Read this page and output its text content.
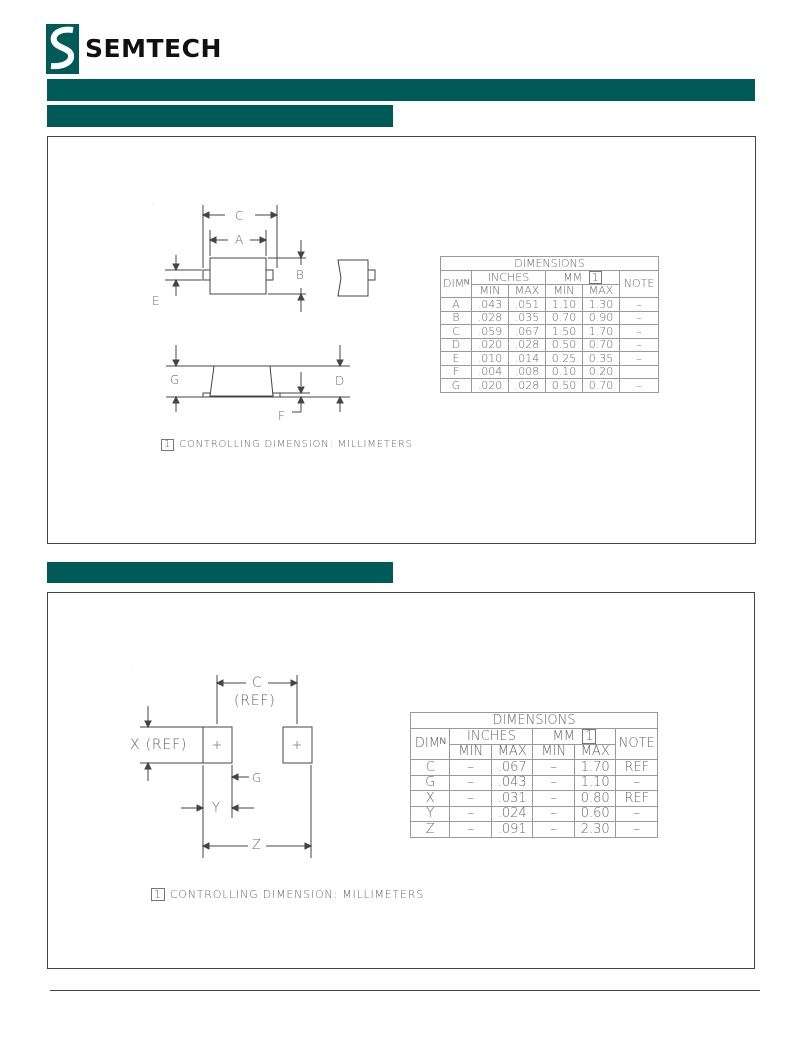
SEMTECH
.
C
A
B
E
G	D
F
DIMENSIONS					
DIMᴺ	INCHES		MM 1		NOTE
	MIN	MAX	MIN	MAX	
A	.043	.051	1.10	1.30	–
B	.028	.035	0.70	0.90	–
C	.059	.067	1.50	1.70	–
D	.020	.028	0.50	0.70	–
E	.010	.014	0.25	0.35	–
F	.004	.008	0.10	0.20	
G	.020	.028	0.50	0.70	–
1 CONTROLLING DIMENSION: MILLIMETERS
.
C
(REF)
X (REF)
G
Y
Z
DIMENSIONS					
DIMᴺ	INCHES		MM 1		NOTE
	MIN	MAX	MIN	MAX	
C	–	.067	–	1.70	REF
G	–	.043	–	1.10	–
X	–	.031	–	0.80	REF
Y	–	.024	–	0.60	–
Z	–	.091	–	2.30	–
1 CONTROLLING DIMENSION: MILLIMETERS
